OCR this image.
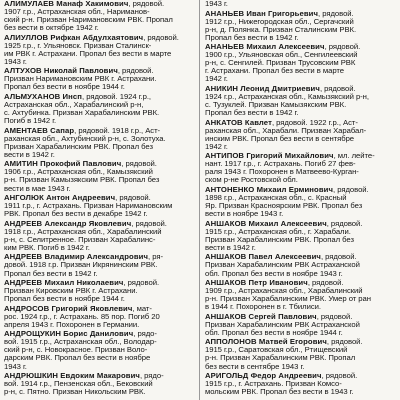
АЛИМУЛАЕВ Манаф Хакимович, рядовой.
1907 г.р., Астраханская обл., Нариманов-
ский р-н. Призван Наримановским РВК. Пропал
без вести в октябре 1942 г.
АЛИУЛЛОВ Рифкан Абдулхаятович, рядовой.
1925 г.р., г. Ульяновск. Призван Сталинск-
им РВК г. Астрахани. Пропал без вести в марте
1943 г.
АЛТУХОВ Николай Павлович, рядовой.
Призван Наримановским РВК г. Астрахани.
Пропал без вести в ноябре 1944 г.
АЛЬМУХАНОВ Инсп, рядовой. 1924 г.р.,
Астраханская обл., Харабалинский р-н,
с. Ахтубинка. Призван Харабалинским РВК.
Погиб в 1942 г.
АМЕНТАЕВ Сапар, рядовой. 1918 г.р., Аст-
раханская обл., Ахтубинский р-н, с. Золотуха.
Призван Харабалинским РВК. Пропал без
вести в 1942 г.
АМИТИН Прокофий Павлович, рядовой.
1906 г.р., Астраханская обл., Камызякский
р-н. Призван Камызякским РВК. Пропал без
вести в мае 1943 г.
АНГОЛЮК Антон Андреевич, рядовой.
1911 г.р., г. Астрахань. Призван Наримановским
РВК. Пропал без вести в декабре 1942 г.
АНДРЕЕВ Александр Яковлевич, рядовой.
1918 г.р., Астраханская обл., Харабалинский
р-н, с. Селитренное. Призван Харабалинс-
ким РВК. Погиб в 1942 г.
АНДРЕЕВ Владимир Александрович, ря-
довой. 1918 г.р. Призван Икрянинским РВК.
Пропал без вести в 1942 г.
АНДРЕЕВ Михаил Николаевич, рядовой.
Призван Кировским РВК г. Астрахани.
Пропал без вести в ноябре 1944 г.
АНДРОСОВ Григорий Яковлевич, мат-
рос. 1924 г.р., г. Астрахань. 85 пор. Погиб 20
апреля 1943 г. Похоронен в Германии.
АНДРОЩУКИН Борис Данилович, рядо-
вой. 1915 г.р., Астраханская обл., Володар-
ский р-н, с. Новокрасное. Призван Воло-
дарским РВК. Пропал без вести в ноябре
1943 г.
АНДРЮШКИН Евдоким Макарович, рядо-
вой. 1914 г.р., Пензенская обл., Бековский
р-н, с. Пятно. Призван Никольским РВК.
1943 г.
АНАНЬЕВ Иван Григорьевич, рядовой.
1912 г.р., Нижегородская обл., Сергачский
р-н, д. Полянка. Призван Сталинским РВК.
Пропал без вести в 1942 г.
АНАНЬЕВ Михаил Алексеевич, рядовой.
1900 г.р., Ульяновская обл., Сенгилеевский
р-н, с. Сенгилей. Призван Трусовским РВК
г. Астрахани. Пропал без вести в марте
1942 г.
АНИКИН Леонид Дмитриевич, рядовой.
1924 г.р., Астраханская обл., Камызякский р-н,
с. Тузуклей. Призван Камызякским РВК.
Пропал без вести в 1942 г.
АНКАТОВ Кавлет, рядовой. 1922 г.р., Аст-
раханская обл., Харабали. Призван Харабал-
инским РВК. Пропал без вести в сентябре
1942 г.
АНТИПОВ Григорий Михайлович, мл. лейте-
нант. 1917 г.р., г. Астрахань. Погиб 27 фев-
раля 1943 г. Похоронен в Матвеево-Курган-
ском р-не Ростовской обл.
АНТОНЕНКО Михаил Ерминович, рядовой.
1898 г.р., Астраханская обл., с. Красный
Яр. Призван Красноярским РВК. Пропал без
вести в ноябре 1943 г.
АНШАКОВ Михаил Алексеевич, рядовой.
1915 г.р., Астраханская обл., г. Харабали.
Призван Харабалинским РВК. Пропал без
вести в 1942 г.
АНШАКОВ Павел Алексеевич, рядовой.
Призван Харабалинским РВК Астраханской
обл. Пропал без вести в ноябре 1943 г.
АНШАКОВ Петр Иванович, рядовой.
1909 г.р., Астраханская обл., Харабалинский
р-н. Призван Харабалинским РВК. Умер от ран
в 1944 г. Похоронен в г. Тбилиси.
АНШАКОВ Сергей Павлович, рядовой.
Призван Харабалинским РВК Астраханской
обл. Пропал без вести в ноябре 1944 г.
АППОЛОНОВ Матвей Егорович, рядовой.
1915 г.р., Саратовская обл., Ртищевский
р-н. Призван Харабалинским РВК. Пропал
без вести в сентябре 1943 г.
АРИГОЛЬД Федор Андреевич, рядовой.
1915 г.р., г. Астрахань. Призван Комсо-
мольским РВК. Пропал без вести в 1943 г.
